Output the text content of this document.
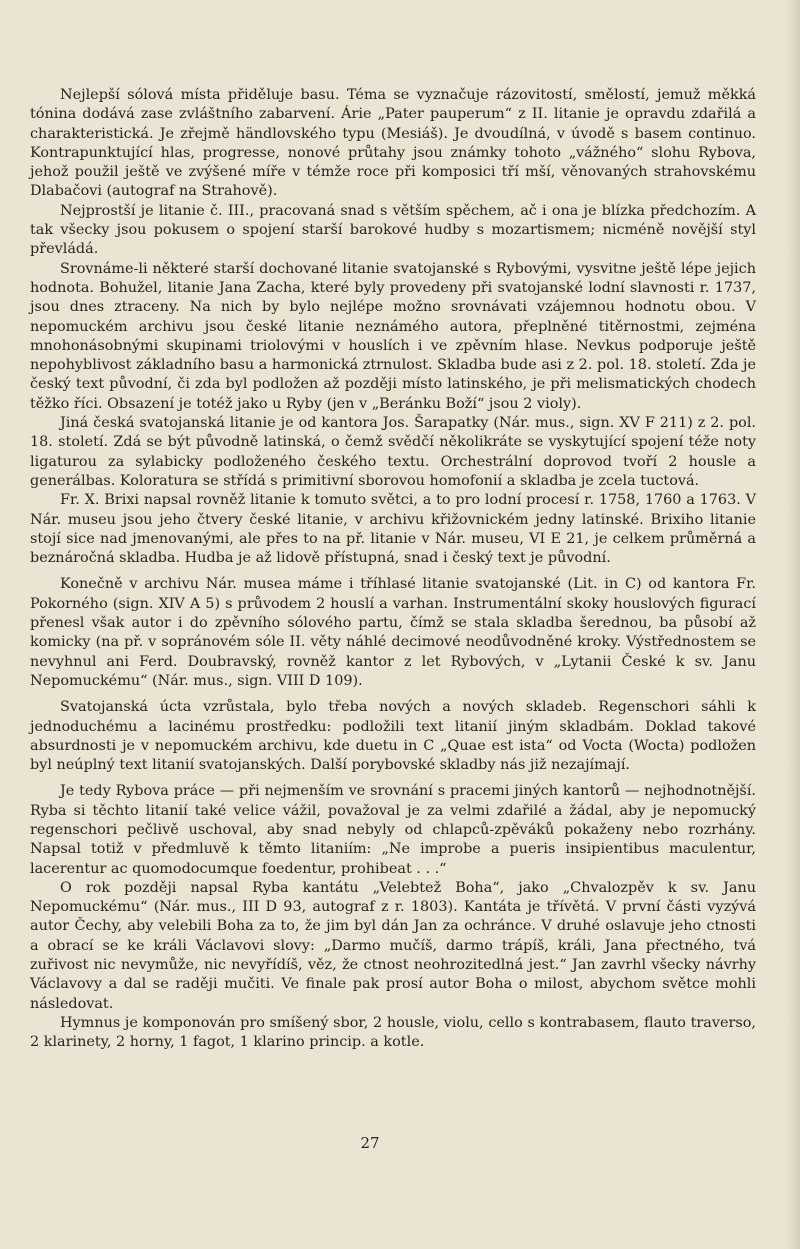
Nejlepší sólová místa přiděluje basu. Téma se vyznačuje rázovitostí, smělostí, jemuž měkká tónina dodává zase zvláštního zabarvení. Árie „Pater pauperum“ z II. litanie je opravdu zdařilá a charakteristická. Je zřejmě händlovského typu (Mesiáš). Je dvoudílná, v úvodě s basem continuo. Kontrapunktující hlas, progresse, nonové průtahy jsou známky tohoto „vážného“ slohu Rybova, jehož použil ještě ve zvýšené míře v témže roce při komposici tří mší, věnovaných strahovskému Dlabačovi (autograf na Strahově).

Nejprostší je litanie č. III., pracovaná snad s větším spěchem, ač i ona je blízka předchozím. A tak všecky jsou pokusem o spojení starší barokové hudby s mozartismem; nicméně novější styl převládá.

Srovnáme-li některé starší dochované litanie svatojanské s Rybovými, vysvitne ještě lépe jejich hodnota. Bohužel, litanie Jana Zacha, které byly provedeny při svatojanské lodní slavnosti r. 1737, jsou dnes ztraceny. Na nich by bylo nejlépe možno srovnávati vzájemnou hodnotu obou. V nepomuckém archivu jsou české litanie neznámého autora, přeplněné titěrnostmi, zejména mnohonásobnými skupinami triolovými v houslích i ve zpěvním hlase. Nevkus podporuje ještě nepohyblivost základního basu a harmonická ztrnulost. Skladba bude asi z 2. pol. 18. století. Zda je český text původní, či zda byl podložen až později místo latinského, je při melismatických chodech těžko říci. Obsazení je totéž jako u Ryby (jen v „Beránku Boží“ jsou 2 violy).

Jiná česká svatojanská litanie je od kantora Jos. Šarapatky (Nár. mus., sign. XV F 211) z 2. pol. 18. století. Zdá se být původně latinská, o čemž svědčí několikráte se vyskytující spojení téže noty ligaturou za sylabicky podloženého českého textu. Orchestrální doprovod tvoří 2 housle a generálbas. Koloratura se střídá s primitivní sborovou homofonií a skladba je zcela tuctová.

Fr. X. Brixi napsal rovněž litanie k tomuto světci, a to pro lodní procesí r. 1758, 1760 a 1763. V Nár. museu jsou jeho čtvery české litanie, v archivu křižovnickém jedny latinské. Brixiho litanie stojí sice nad jmenovanými, ale přes to na př. litanie v Nár. museu, VI E 21, je celkem průměrná a beznáročná skladba. Hudba je až lidově přístupná, snad i český text je původní.

Konečně v archivu Nár. musea máme i tříhlasé litanie svatojanské (Lit. in C) od kantora Fr. Pokorného (sign. XIV A 5) s průvodem 2 houslí a varhan. Instrumentální skoky houslových figurací přenesl však autor i do zpěvního sólového partu, čímž se stala skladba šerednou, ba působí až komicky (na př. v sopránovém sóle II. věty náhlé decimové neodůvodněné kroky. Výstřednostem se nevyhnul ani Ferd. Doubravský, rovněž kantor z let Rybových, v „Lytanii České k sv. Janu Nepomuckému“ (Nár. mus., sign. VIII D 109).

Svatojanská úcta vzrůstala, bylo třeba nových a nových skladeb. Regenschori sáhli k jednoduchému a lacinému prostředku: podložili text litanií jiným skladbám. Doklad takové absurdnosti je v nepomuckém archivu, kde duetu in C „Quae est ista“ od Vocta (Wocta) podložen byl neúplný text litanií svatojanských. Další porybovské skladby nás již nezajímají.

Je tedy Rybova práce — při nejmenším ve srovnání s pracemi jiných kantorů — nejhodnotnější. Ryba si těchto litanií také velice vážil, považoval je za velmi zdařilé a žádal, aby je nepomucký regenschori pečlivě uschoval, aby snad nebyly od chlapců-zpěváků pokaženy nebo rozrhány. Napsal totiž v předmluvě k těmto litaniím: „Ne improbe a pueris insipientibus maculentur, lacerentur ac quomodocumque foedentur, prohibeat . . .“

O rok později napsal Ryba kantátu „Velebtež Boha“, jako „Chvalozpěv k sv. Janu Nepomuckému“ (Nár. mus., III D 93, autograf z r. 1803). Kantáta je třívětá. V první části vyzývá autor Čechy, aby velebili Boha za to, že jim byl dán Jan za ochránce. V druhé oslavuje jeho ctnosti a obrací se ke králi Václavovi slovy: „Darmo mučíš, darmo trápíš, králi, Jana přectného, tvá zuřivost nic nevymůže, nic nevyřídíš, věz, že ctnost neohrozitedlná jest.“ Jan zavrhl všecky návrhy Václavovy a dal se raději mučiti. Ve finale pak prosí autor Boha o milost, abychom světce mohli následovat.

Hymnus je komponován pro smíšený sbor, 2 housle, violu, cello s kontrabasem, flauto traverso, 2 klarinety, 2 horny, 1 fagot, 1 klarino princip. a kotle.

27
